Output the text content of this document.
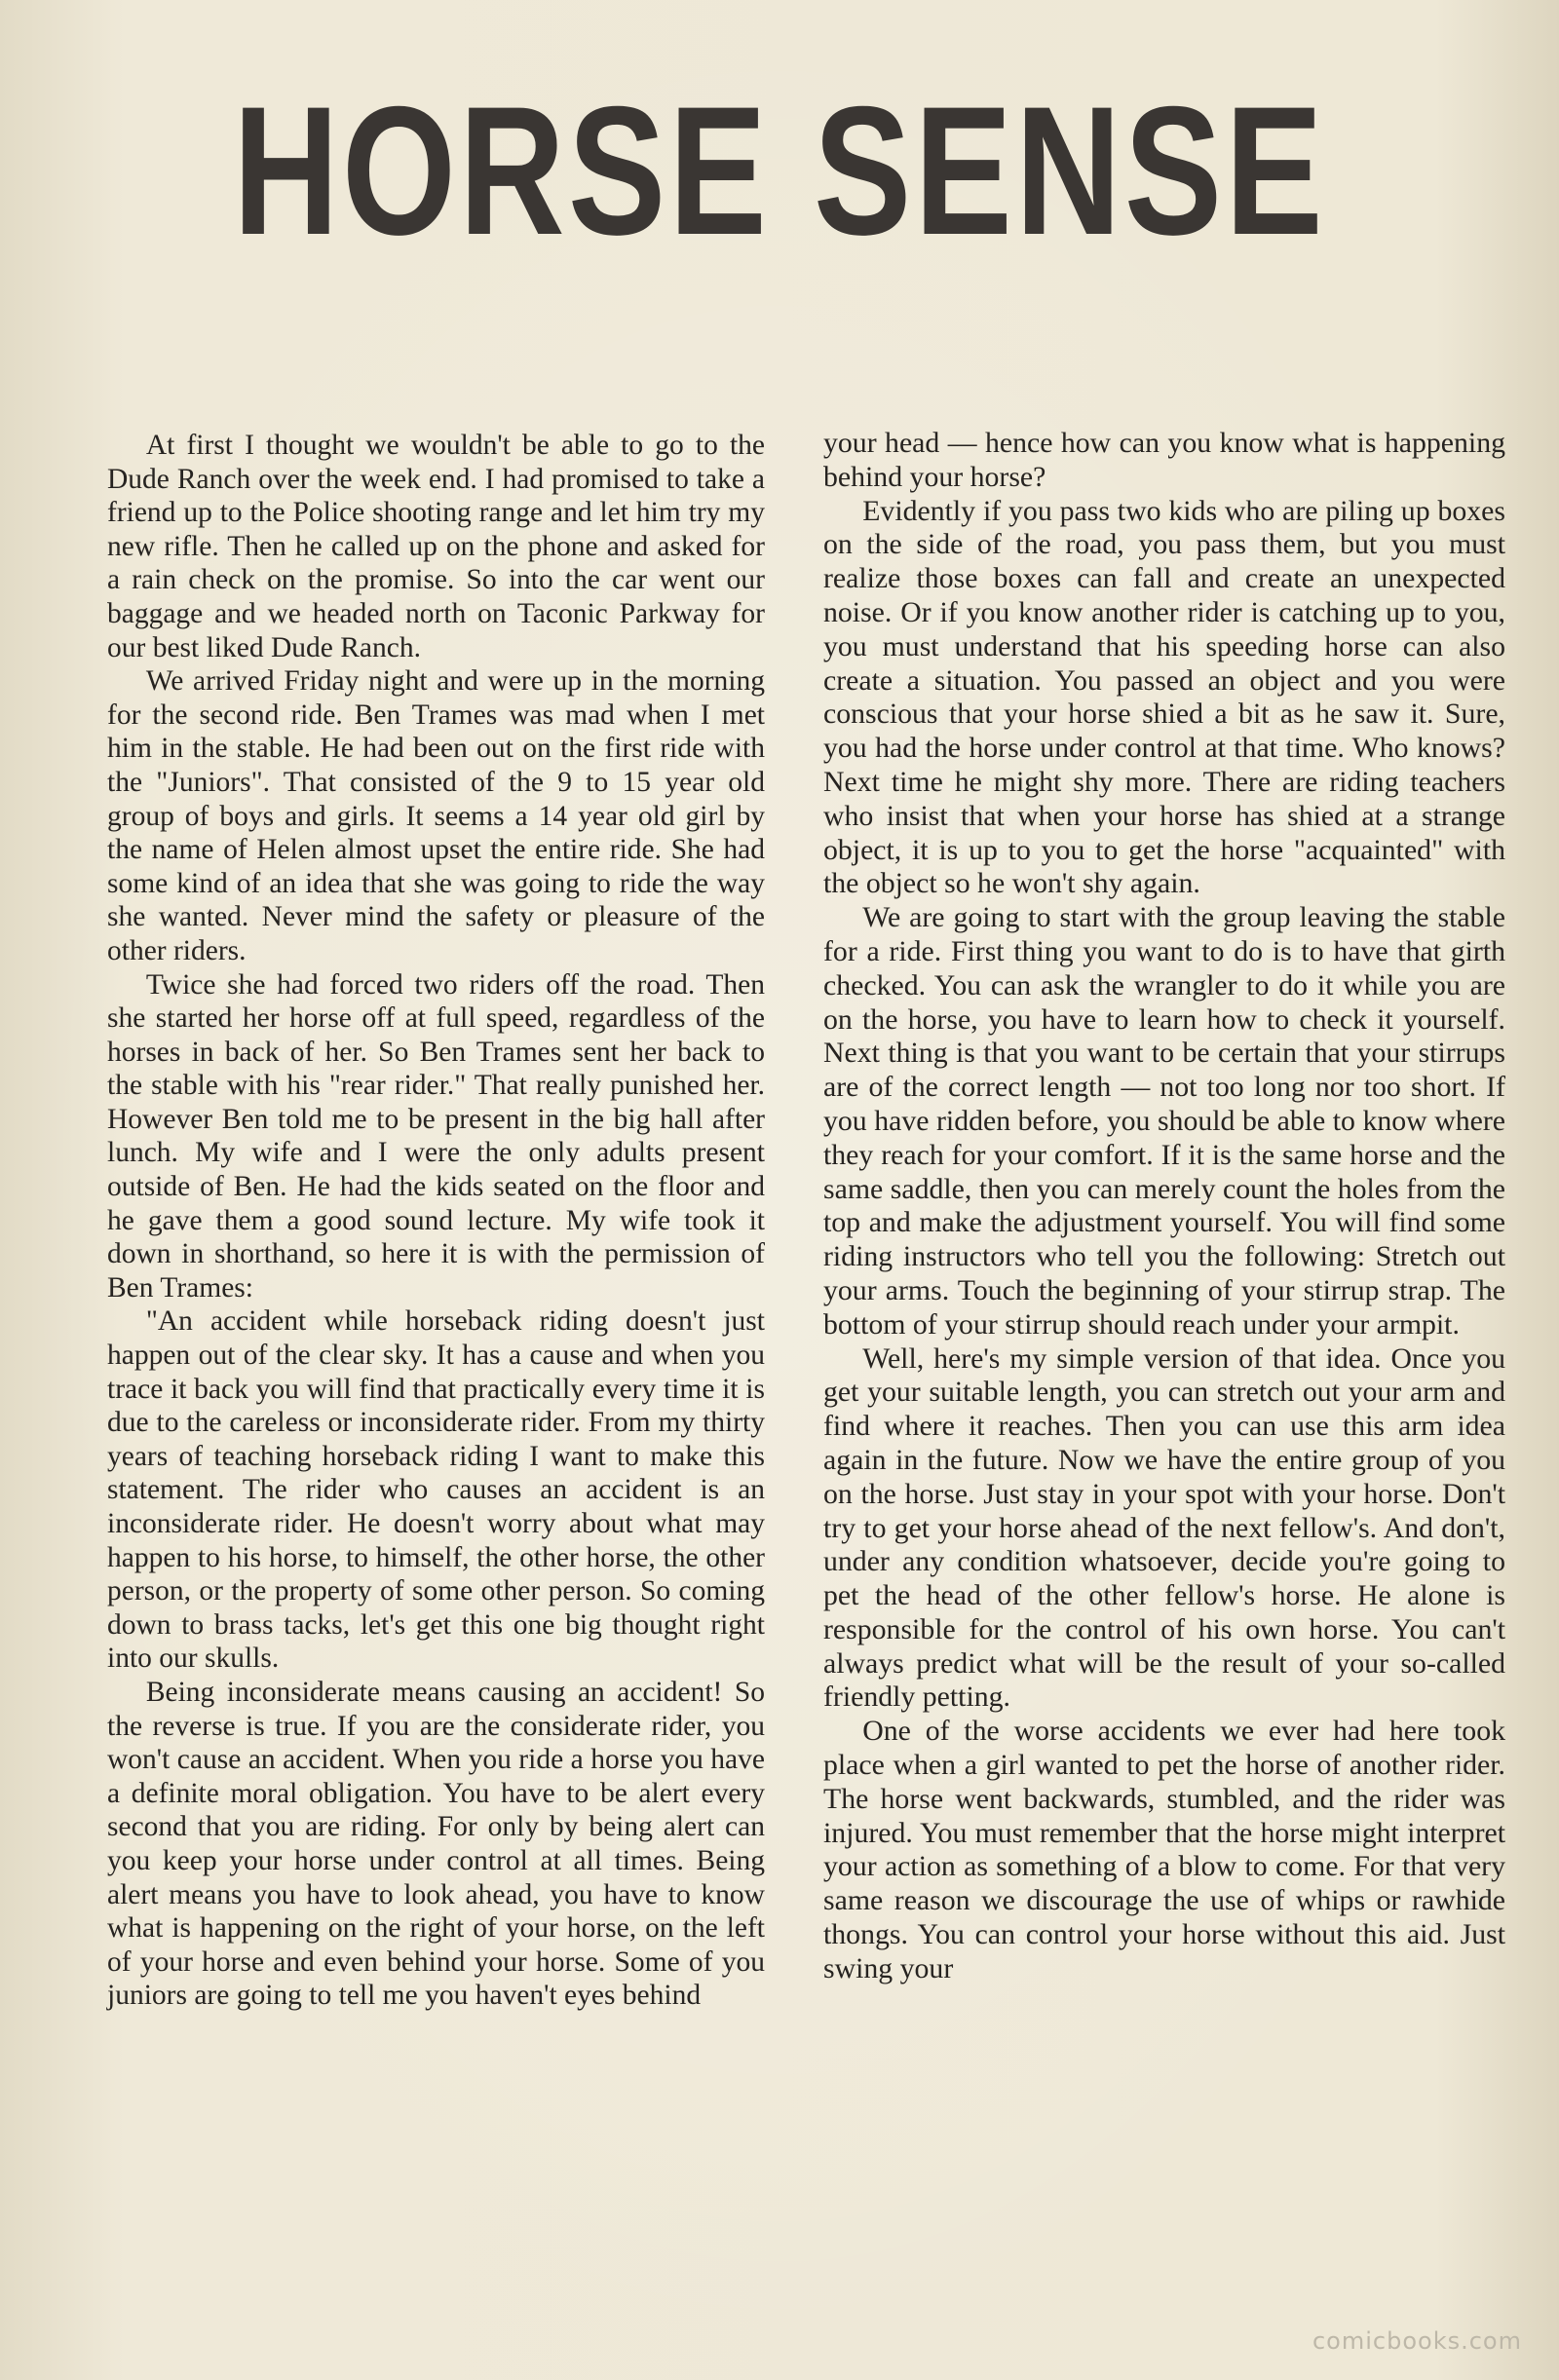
HORSE SENSE

At first I thought we wouldn't be able to go to the Dude Ranch over the week end. I had promised to take a friend up to the Police shooting range and let him try my new rifle. Then he called up on the phone and asked for a rain check on the promise. So into the car went our baggage and we headed north on Taconic Parkway for our best liked Dude Ranch.

We arrived Friday night and were up in the morning for the second ride. Ben Trames was mad when I met him in the stable. He had been out on the first ride with the "Juniors". That consisted of the 9 to 15 year old group of boys and girls. It seems a 14 year old girl by the name of Helen almost upset the entire ride. She had some kind of an idea that she was going to ride the way she wanted. Never mind the safety or pleasure of the other riders.

Twice she had forced two riders off the road. Then she started her horse off at full speed, regardless of the horses in back of her. So Ben Trames sent her back to the stable with his "rear rider." That really punished her. However Ben told me to be present in the big hall after lunch. My wife and I were the only adults present outside of Ben. He had the kids seated on the floor and he gave them a good sound lecture. My wife took it down in shorthand, so here it is with the permission of Ben Trames:

"An accident while horseback riding doesn't just happen out of the clear sky. It has a cause and when you trace it back you will find that practically every time it is due to the careless or inconsiderate rider. From my thirty years of teaching horseback riding I want to make this statement. The rider who causes an accident is an inconsiderate rider. He doesn't worry about what may happen to his horse, to himself, the other horse, the other person, or the property of some other person. So coming down to brass tacks, let's get this one big thought right into our skulls.

Being inconsiderate means causing an accident! So the reverse is true. If you are the considerate rider, you won't cause an accident. When you ride a horse you have a definite moral obligation. You have to be alert every second that you are riding. For only by being alert can you keep your horse under control at all times. Being alert means you have to look ahead, you have to know what is happening on the right of your horse, on the left of your horse and even behind your horse. Some of you juniors are going to tell me you haven't eyes behind

your head — hence how can you know what is happening behind your horse?

Evidently if you pass two kids who are piling up boxes on the side of the road, you pass them, but you must realize those boxes can fall and create an unexpected noise. Or if you know another rider is catching up to you, you must understand that his speeding horse can also create a situation. You passed an object and you were conscious that your horse shied a bit as he saw it. Sure, you had the horse under control at that time. Who knows? Next time he might shy more. There are riding teachers who insist that when your horse has shied at a strange object, it is up to you to get the horse "acquainted" with the object so he won't shy again.

We are going to start with the group leaving the stable for a ride. First thing you want to do is to have that girth checked. You can ask the wrangler to do it while you are on the horse, you have to learn how to check it yourself. Next thing is that you want to be certain that your stirrups are of the correct length — not too long nor too short. If you have ridden before, you should be able to know where they reach for your comfort. If it is the same horse and the same saddle, then you can merely count the holes from the top and make the adjustment yourself. You will find some riding instructors who tell you the following: Stretch out your arms. Touch the beginning of your stirrup strap. The bottom of your stirrup should reach under your armpit.

Well, here's my simple version of that idea. Once you get your suitable length, you can stretch out your arm and find where it reaches. Then you can use this arm idea again in the future. Now we have the entire group of you on the horse. Just stay in your spot with your horse. Don't try to get your horse ahead of the next fellow's. And don't, under any condition whatsoever, decide you're going to pet the head of the other fellow's horse. He alone is responsible for the control of his own horse. You can't always predict what will be the result of your so-called friendly petting.

One of the worse accidents we ever had here took place when a girl wanted to pet the horse of another rider. The horse went backwards, stumbled, and the rider was injured. You must remember that the horse might interpret your action as something of a blow to come. For that very same reason we discourage the use of whips or rawhide thongs. You can control your horse without this aid. Just swing your

comicbooks.com
